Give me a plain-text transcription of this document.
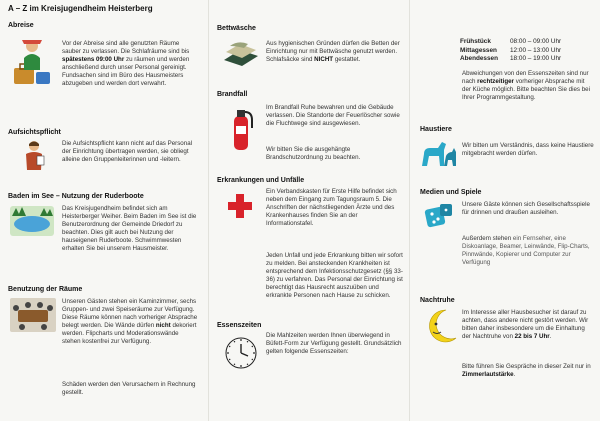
A – Z im Kreisjugendheim Heisterberg
Abreise

Vor der Abreise sind alle genutzten Räume sauber zu verlassen. Die Schlafräume sind bis spätestens 09:00 Uhr zu räumen und werden anschließend durch unser Personal gereinigt. Fundsachen sind im Büro des Hausmeisters abzugeben und werden dort verwahrt.

Aufsichtspflicht

Die Aufsichtspflicht kann nicht auf das Personal der Einrichtung übertragen werden, sie obliegt alleine den Gruppenleiterinnen und -leitern.

Baden im See – Nutzung der Ruderboote

Das Kreisjugendheim befindet sich am Heisterberger Weiher. Beim Baden im See ist die Benutzerordnung der Gemeinde Driedorf zu beachten. Dies gilt auch bei Nutzung der hauseigenen Ruderboote. Schwimmwesten erhalten Sie bei unserem Hausmeister.

Benutzung der Räume

Unseren Gästen stehen ein Kaminzimmer, sechs Gruppen- und zwei Speiseräume zur Verfügung. Diese Räume können nach vorheriger Absprache belegt werden. Die Wände dürfen nicht dekoriert werden. Flipcharts und Moderationswände stehen kostenfrei zur Verfügung.

Schäden werden den Verursachern in Rechnung gestellt.

Bettwäsche

Aus hygienischen Gründen dürfen die Betten der Einrichtung nur mit Bettwäsche genutzt werden. Schlafsäcke sind NICHT gestattet.

Brandfall

Im Brandfall Ruhe bewahren und die Gebäude verlassen. Die Standorte der Feuerlöscher sowie die Fluchtwege sind ausgewiesen.

Wir bitten Sie die ausgehängte Brandschutzordnung zu beachten.

Erkrankungen und Unfälle

Ein Verbandskasten für Erste Hilfe befindet sich neben dem Eingang zum Tagungsraum 5. Die Anschriften der nächstliegenden Ärzte und des Krankenhauses finden Sie an der Informationstafel.

Jeden Unfall und jede Erkrankung bitten wir sofort zu melden. Bei ansteckenden Krankheiten ist entsprechend dem Infektionsschutzgesetz (§§ 33-36) zu verfahren. Das Personal der Einrichtung ist berechtigt das Hausrecht auszuüben und erkrankte Personen nach Hause zu schicken.

Essenszeiten

Die Mahlzeiten werden Ihnen überwiegend in Büfett-Form zur Verfügung gestellt. Grundsätzlich gelten folgende Essenszeiten:

Frühstück	08:00 – 09:00 Uhr
Mittagessen	12:00 – 13:00 Uhr
Abendessen	18:00 – 19:00 Uhr

Abweichungen von den Essenszeiten sind nur nach rechtzeitiger vorheriger Absprache mit der Küche möglich. Bitte beachten Sie dies bei Ihrer Programmgestaltung.

Haustiere

Wir bitten um Verständnis, dass keine Haustiere mitgebracht werden dürfen.

Medien und Spiele

Unsere Gäste können sich Gesellschaftsspiele für drinnen und draußen ausleihen.

Außerdem stehen ein Fernseher, eine Diskoanlage, Beamer, Leinwände, Flip-Charts, Pinnwände, Kopierer und Computer zur Verfügung

Nachtruhe

Im Interesse aller Hausbesucher ist darauf zu achten, dass andere nicht gestört werden. Wir bitten daher insbesondere um die Einhaltung der Nachtruhe von 22 bis 7 Uhr.

Bitte führen Sie Gespräche in dieser Zeit nur in Zimmerlautstärke.
